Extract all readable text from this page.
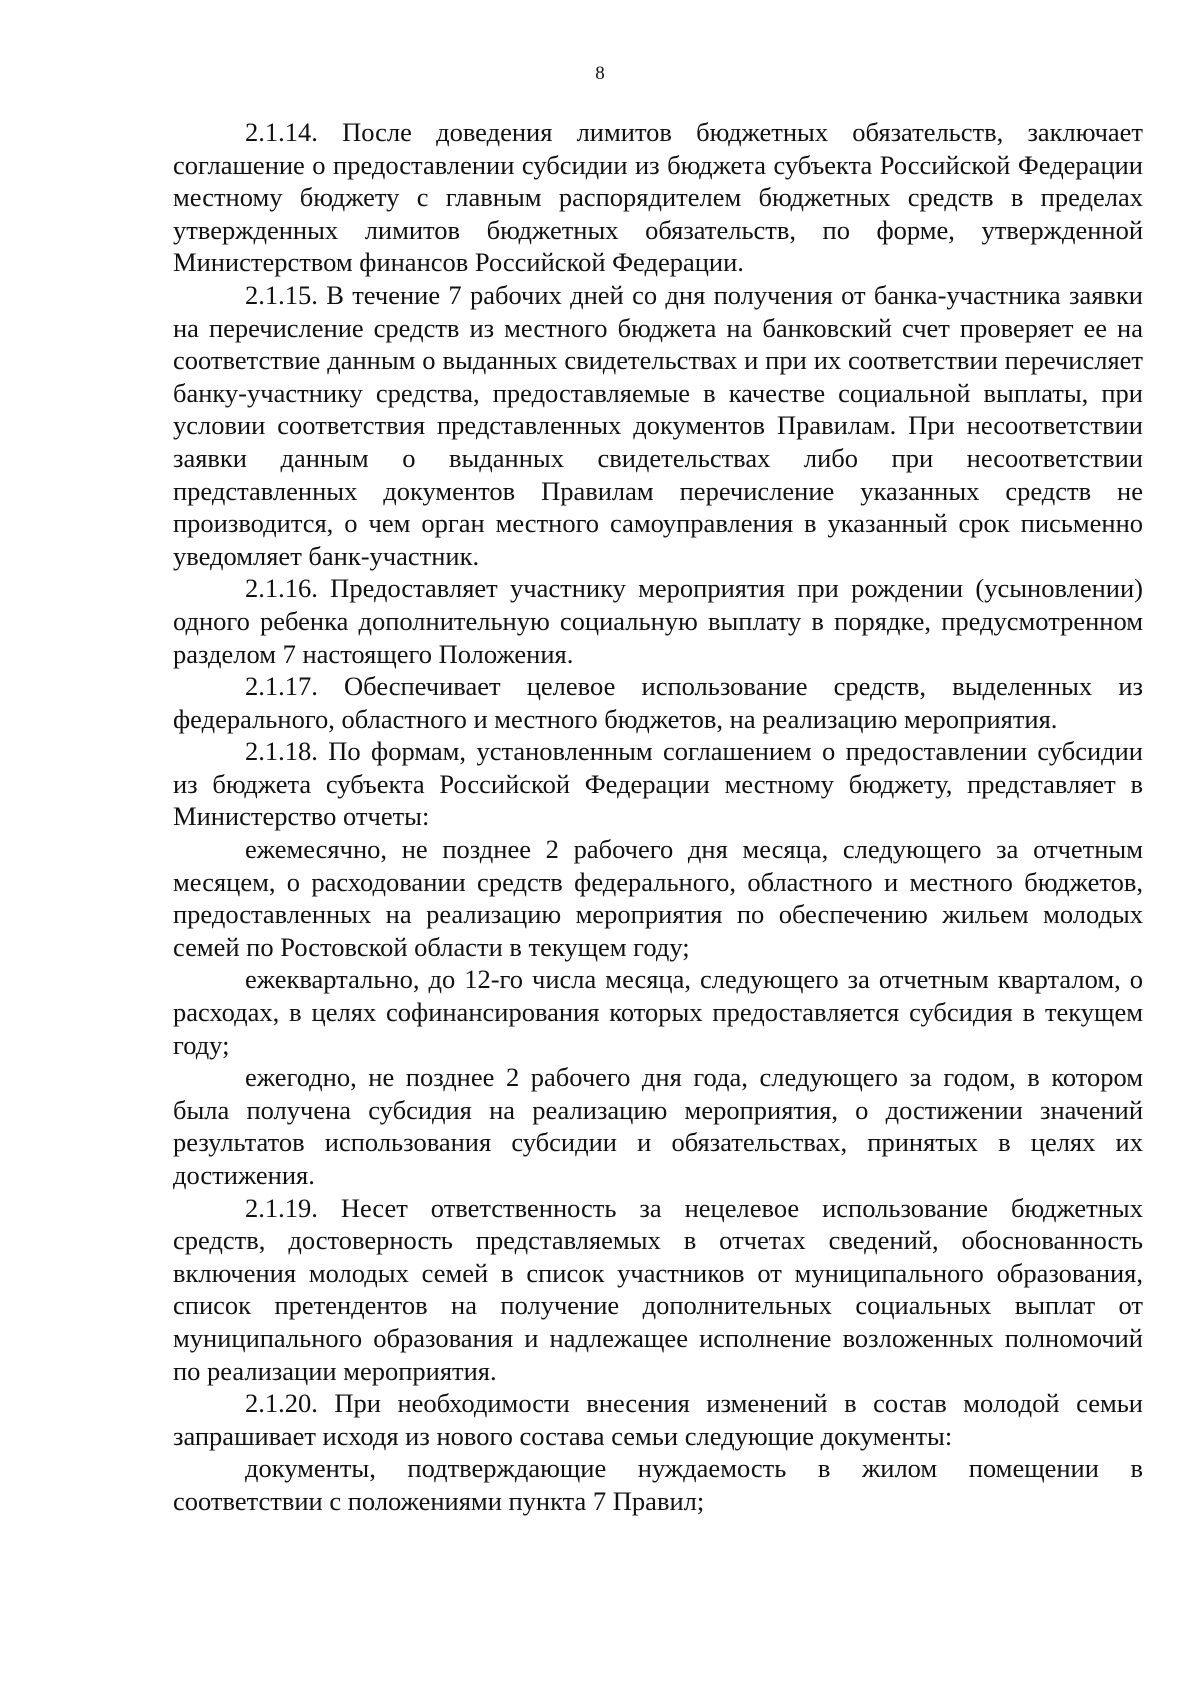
8

2.1.14. После доведения лимитов бюджетных обязательств, заключает соглашение о предоставлении субсидии из бюджета субъекта Российской Федерации местному бюджету с главным распорядителем бюджетных средств в пределах утвержденных лимитов бюджетных обязательств, по форме, утвержденной Министерством финансов Российской Федерации.

2.1.15. В течение 7 рабочих дней со дня получения от банка-участника заявки на перечисление средств из местного бюджета на банковский счет проверяет ее на соответствие данным о выданных свидетельствах и при их соответствии перечисляет банку-участнику средства, предоставляемые в качестве социальной выплаты, при условии соответствия представленных документов Правилам. При несоответствии заявки данным о выданных свидетельствах либо при несоответствии представленных документов Правилам перечисление указанных средств не производится, о чем орган местного самоуправления в указанный срок письменно уведомляет банк-участник.

2.1.16. Предоставляет участнику мероприятия при рождении (усыновлении) одного ребенка дополнительную социальную выплату в порядке, предусмотренном разделом 7 настоящего Положения.

2.1.17. Обеспечивает целевое использование средств, выделенных из федерального, областного и местного бюджетов, на реализацию мероприятия.

2.1.18. По формам, установленным соглашением о предоставлении субсидии из бюджета субъекта Российской Федерации местному бюджету, представляет в Министерство отчеты:

ежемесячно, не позднее 2 рабочего дня месяца, следующего за отчетным месяцем, о расходовании средств федерального, областного и местного бюджетов, предоставленных на реализацию мероприятия по обеспечению жильем молодых семей по Ростовской области в текущем году;

ежеквартально, до 12-го числа месяца, следующего за отчетным кварталом, о расходах, в целях софинансирования которых предоставляется субсидия в текущем году;

ежегодно, не позднее 2 рабочего дня года, следующего за годом, в котором была получена субсидия на реализацию мероприятия, о достижении значений результатов использования субсидии и обязательствах, принятых в целях их достижения.

2.1.19. Несет ответственность за нецелевое использование бюджетных средств, достоверность представляемых в отчетах сведений, обоснованность включения молодых семей в список участников от муниципального образования, список претендентов на получение дополнительных социальных выплат от муниципального образования и надлежащее исполнение возложенных полномочий по реализации мероприятия.

2.1.20. При необходимости внесения изменений в состав молодой семьи запрашивает исходя из нового состава семьи следующие документы:

документы, подтверждающие нуждаемость в жилом помещении в соответствии с положениями пункта 7 Правил;
